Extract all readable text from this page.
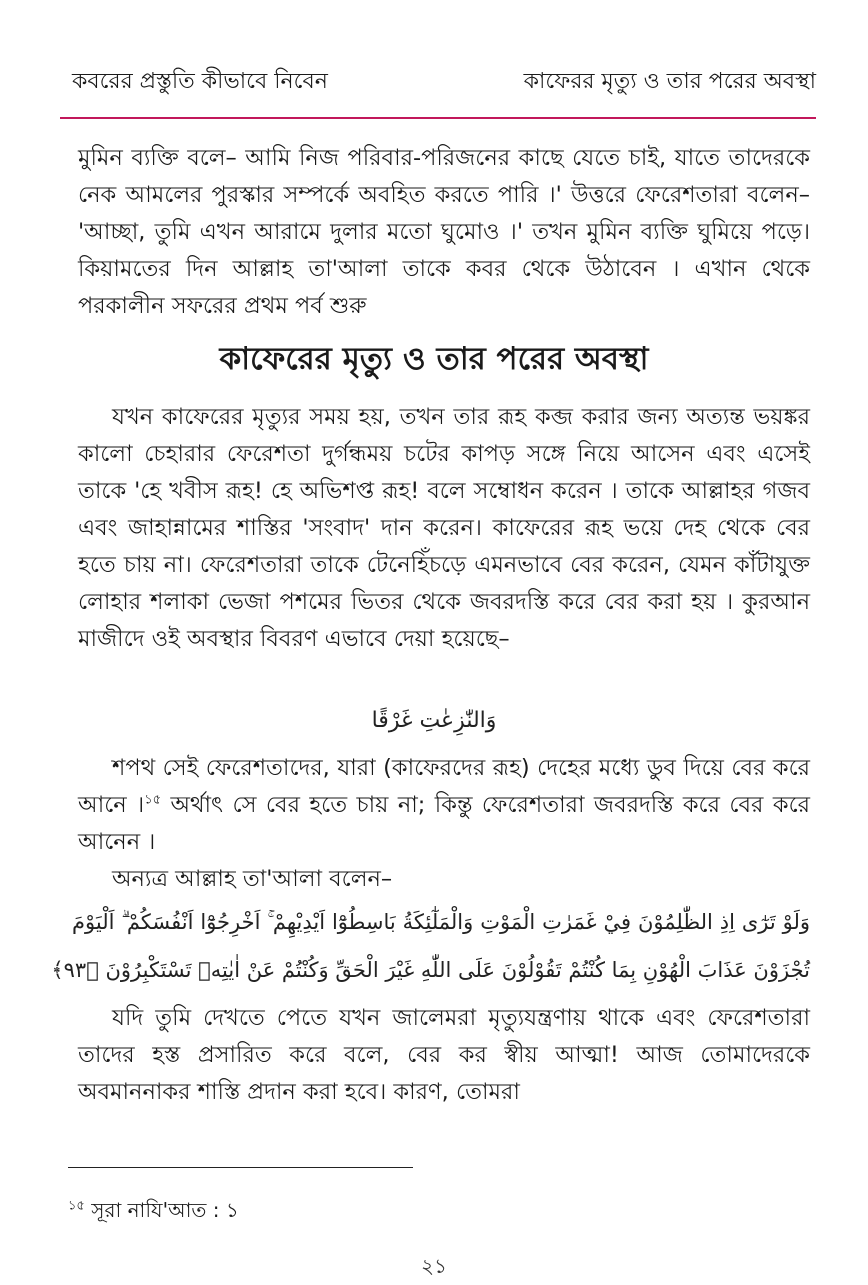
কবরের প্রস্তুতি কীভাবে নিবেন	কাফেরর মৃত্যু ও তার পরের অবস্থা

মুমিন ব্যক্তি বলে– আমি নিজ পরিবার-পরিজনের কাছে যেতে চাই, যাতে তাদেরকে নেক আমলের পুরস্কার সম্পর্কে অবহিত করতে পারি ।' উত্তরে ফেরেশতারা বলেন– 'আচ্ছা, তুমি এখন আরামে দুলার মতো ঘুমোও ।' তখন মুমিন ব্যক্তি ঘুমিয়ে পড়ে। কিয়ামতের দিন আল্লাহ তা'আলা তাকে কবর থেকে উঠাবেন । এখান থেকে পরকালীন সফরের প্রথম পর্ব শুরু

কাফেরের মৃত্যু ও তার পরের অবস্থা

যখন কাফেরের মৃত্যুর সময় হয়, তখন তার রূহ কব্জ করার জন্য অত্যন্ত ভয়ঙ্কর কালো চেহারার ফেরেশতা দুর্গন্ধময় চটের কাপড় সঙ্গে নিয়ে আসেন এবং এসেই তাকে 'হে খবীস রূহ! হে অভিশপ্ত রূহ! বলে সম্বোধন করেন । তাকে আল্লাহর গজব এবং জাহান্নামের শাস্তির 'সংবাদ' দান করেন। কাফেরের রূহ ভয়ে দেহ থেকে বের হতে চায় না। ফেরেশতারা তাকে টেনেহিঁচড়ে এমনভাবে বের করেন, যেমন কাঁটাযুক্ত লোহার শলাকা ভেজা পশমের ভিতর থেকে জবরদস্তি করে বের করা হয় । কুরআন মাজীদে ওই অবস্থার বিবরণ এভাবে দেয়া হয়েছে–

وَالنّٰزِعٰتِ غَرْقًا

শপথ সেই ফেরেশতাদের, যারা (কাফেরদের রূহ) দেহের মধ্যে ডুব দিয়ে বের করে আনে ।$^{১৫}$ অর্থাৎ সে বের হতে চায় না; কিন্তু ফেরেশতারা জবরদস্তি করে বের করে আনেন ।

অন্যত্র আল্লাহ তা'আলা বলেন–

وَلَوْ تَرٰٓى اِذِ الظّٰلِمُوْنَ فِيْ غَمَرٰتِ الْمَوْتِ وَالْمَلٰٓئِكَةُ بَاسِطُوْٓا اَيْدِيْهِمْ ۚ اَخْرِجُوْٓا اَنْفُسَكُمْ ۗ اَلْيَوْمَ
تُجْزَوْنَ عَذَابَ الْهُوْنِ بِمَا كُنْتُمْ تَقُوْلُوْنَ عَلَى اللّٰهِ غَيْرَ الْحَقِّ وَكُنْتُمْ عَنْ اٰيٰتِهٖ تَسْتَكْبِرُوْنَ ﴿٩٣﴾

যদি তুমি দেখতে পেতে যখন জালেমরা মৃত্যুযন্ত্রণায় থাকে এবং ফেরেশতারা তাদের হস্ত প্রসারিত করে বলে, বের কর স্বীয় আত্মা! আজ তোমাদেরকে অবমাননাকর শাস্তি প্রদান করা হবে। কারণ, তোমরা

$^{১৫}$ সূরা নাযি'আত : ১
২১
